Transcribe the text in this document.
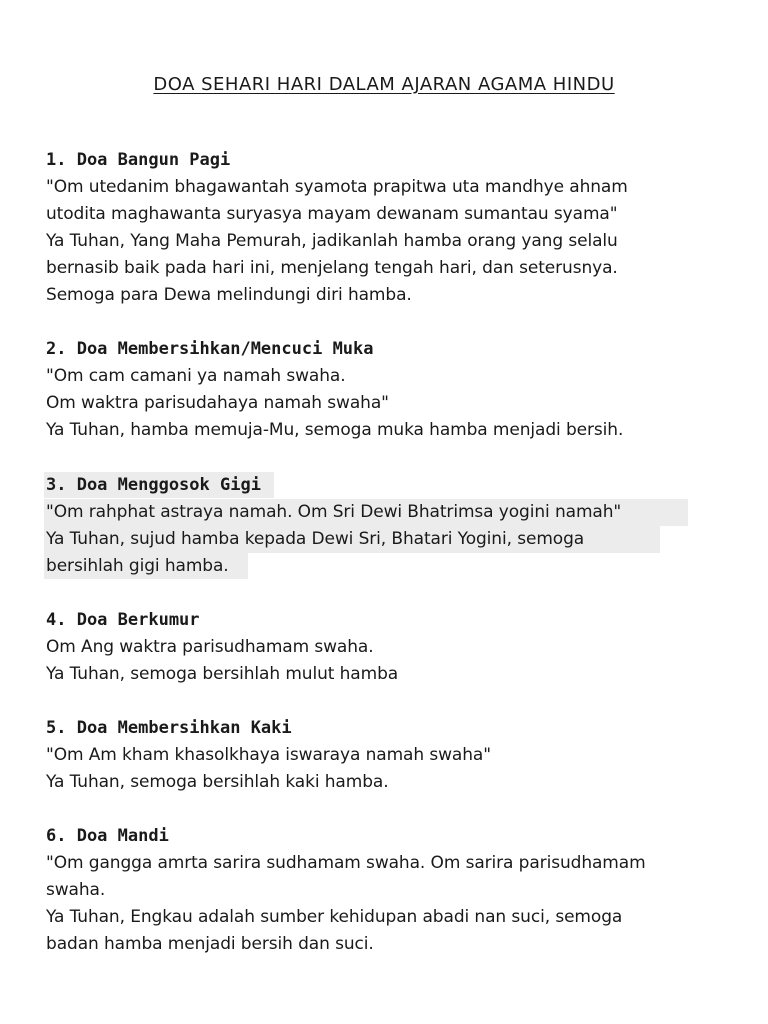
DOA SEHARI HARI DALAM AJARAN AGAMA HINDU
1. Doa Bangun Pagi
"Om utedanim bhagawantah syamota prapitwa uta mandhye ahnam
utodita maghawanta suryasya mayam dewanam sumantau syama"
Ya Tuhan, Yang Maha Pemurah, jadikanlah hamba orang yang selalu
bernasib baik pada hari ini, menjelang tengah hari, dan seterusnya.
Semoga para Dewa melindungi diri hamba.
2. Doa Membersihkan/Mencuci Muka
"Om cam camani ya namah swaha.
Om waktra parisudahaya namah swaha"
Ya Tuhan, hamba memuja-Mu, semoga muka hamba menjadi bersih.
3. Doa Menggosok Gigi
"Om rahphat astraya namah. Om Sri Dewi Bhatrimsa yogini namah"
Ya Tuhan, sujud hamba kepada Dewi Sri, Bhatari Yogini, semoga
bersihlah gigi hamba.
4. Doa Berkumur
Om Ang waktra parisudhamam swaha.
Ya Tuhan, semoga bersihlah mulut hamba
5. Doa Membersihkan Kaki
"Om Am kham khasolkhaya iswaraya namah swaha"
Ya Tuhan, semoga bersihlah kaki hamba.
6. Doa Mandi
"Om gangga amrta sarira sudhamam swaha. Om sarira parisudhamam
swaha.
Ya Tuhan, Engkau adalah sumber kehidupan abadi nan suci, semoga
badan hamba menjadi bersih dan suci.
